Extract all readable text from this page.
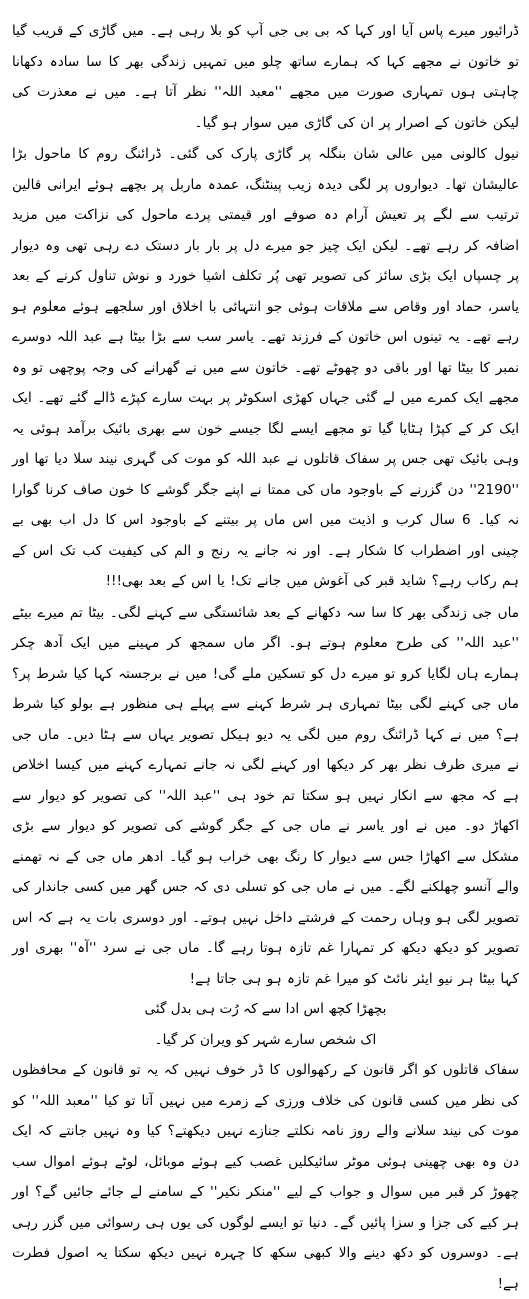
ڈرائیور میرے پاس آیا اور کہا کہ بی بی جی آپ کو بلا رہی ہے۔ میں گاڑی کے قریب گیا تو خاتون نے مجھے کہا کہ ہمارے ساتھ چلو میں تمہیں زندگی بھر کا سا سادہ دکھانا چاہتی ہوں تمہاری صورت میں مجھے ''معبد اللہ'' نظر آتا ہے۔ میں نے معذرت کی لیکن خاتون کے اصرار پر ان کی گاڑی میں سوار ہو گیا۔

نیول کالونی میں عالی شان بنگلہ پر گاڑی پارک کی گئی۔ ڈرائنگ روم کا ماحول بڑا عالیشان تھا۔ دیواروں پر لگی دیدہ زیب پینٹنگ، عمدہ ماربل پر بچھے ہوئے ایرانی قالین ترتیب سے لگے پر تعیش آرام دہ صوفے اور قیمتی پردے ماحول کی نزاکت میں مزید اضافہ کر رہے تھے۔ لیکن ایک چیز جو میرے دل پر بار بار دستک دے رہی تھی وہ دیوار پر چسپاں ایک بڑی سائز کی تصویر تھی پُر تکلف اشیا خورد و نوش تناول کرنے کے بعد یاسر، حماد اور وقاص سے ملاقات ہوئی جو انتہائی با اخلاق اور سلجھے ہوئے معلوم ہو رہے تھے۔ یہ تینوں اس خاتون کے فرزند تھے۔ یاسر سب سے بڑا بیٹا ہے عبد اللہ دوسرے نمبر کا بیٹا تھا اور باقی دو چھوٹے تھے۔ خاتون سے میں نے گھرانے کی وجہ پوچھی تو وہ مجھے ایک کمرے میں لے گئی جہاں کھڑی اسکوٹر پر بہت سارے کپڑے ڈالے گئے تھے۔ ایک ایک کر کے کپڑا ہٹایا گیا تو مجھے ایسے لگا جیسے خون سے بھری بائیک برآمد ہوئی یہ وہی بائیک تھی جس پر سفاک قاتلوں نے عبد اللہ کو موت کی گہری نیند سلا دیا تھا اور ''2190'' دن گزرنے کے باوجود ماں کی ممتا نے اپنے جگر گوشے کا خون صاف کرنا گوارا نہ کیا۔ 6 سال کرب و اذیت میں اس ماں پر بیتنے کے باوجود اس کا دل اب بھی بے چینی اور اضطراب کا شکار ہے۔ اور نہ جانے یہ رنج و الم کی کیفیت کب تک اس کے ہم رکاب رہے؟ شاید قبر کی آغوش میں جانے تک! یا اس کے بعد بھی!!!

ماں جی زندگی بھر کا سا سہ دکھانے کے بعد شائستگی سے کہنے لگی۔ بیٹا تم میرے بیٹے ''عبد اللہ'' کی طرح معلوم ہوتے ہو۔ اگر ماں سمجھ کر مہینے میں ایک آدھ چکر ہمارے ہاں لگایا کرو تو میرے دل کو تسکین ملے گی! میں نے برجستہ کہا کیا شرط پر؟ ماں جی کہنے لگی بیٹا تمہاری ہر شرط کہنے سے پہلے ہی منظور ہے بولو کیا شرط ہے؟ میں نے کہا ڈرائنگ روم میں لگی یہ دیو ہیکل تصویر یہاں سے ہٹا دیں۔ ماں جی نے میری طرف نظر بھر کر دیکھا اور کہنے لگی نہ جانے تمہارے کہنے میں کیسا اخلاص ہے کہ مجھ سے انکار نہیں ہو سکتا تم خود ہی ''عبد اللہ'' کی تصویر کو دیوار سے اکھاڑ دو۔ میں نے اور یاسر نے ماں جی کے جگر گوشے کی تصویر کو دیوار سے بڑی مشکل سے اکھاڑا جس سے دیوار کا رنگ بھی خراب ہو گیا۔ ادھر ماں جی کے نہ تھمنے والے آنسو چھلکنے لگے۔ میں نے ماں جی کو تسلی دی کہ جس گھر میں کسی جاندار کی تصویر لگی ہو وہاں رحمت کے فرشتے داخل نہیں ہوتے۔ اور دوسری بات یہ ہے کہ اس تصویر کو دیکھ دیکھ کر تمہارا غم تازہ ہوتا رہے گا۔ ماں جی نے سرد ''آہ'' بھری اور کہا بیٹا ہر نیو ایئر نائٹ کو میرا غم تازہ ہو ہی جاتا ہے!

بچھڑا کچھ اس ادا سے کہ رُت ہی بدل گئی
اک شخص سارے شہر کو ویران کر گیا۔

سفاک قاتلوں کو اگر قانون کے رکھوالوں کا ڈر خوف نہیں کہ یہ تو قانون کے محافظوں کی نظر میں کسی قانون کی خلاف ورزی کے زمرے میں نہیں آتا تو کیا ''معبد اللہ'' کو موت کی نیند سلانے والے روز نامہ نکلتے جنازے نہیں دیکھتے؟ کیا وہ نہیں جانتے کہ ایک دن وہ بھی چھینی ہوئی موٹر سائیکلیں غصب کیے ہوئے موبائل، لوٹے ہوئے اموال سب چھوڑ کر قبر میں سوال و جواب کے لیے ''منکر نکیر'' کے سامنے لے جائے جائیں گے؟ اور ہر کیے کی جزا و سزا پائیں گے۔ دنیا تو ایسے لوگوں کی یوں ہی رسوائی میں گزر رہی ہے۔ دوسروں کو دکھ دینے والا کبھی سکھ کا چہرہ نہیں دیکھ سکتا یہ اصول فطرت ہے!
